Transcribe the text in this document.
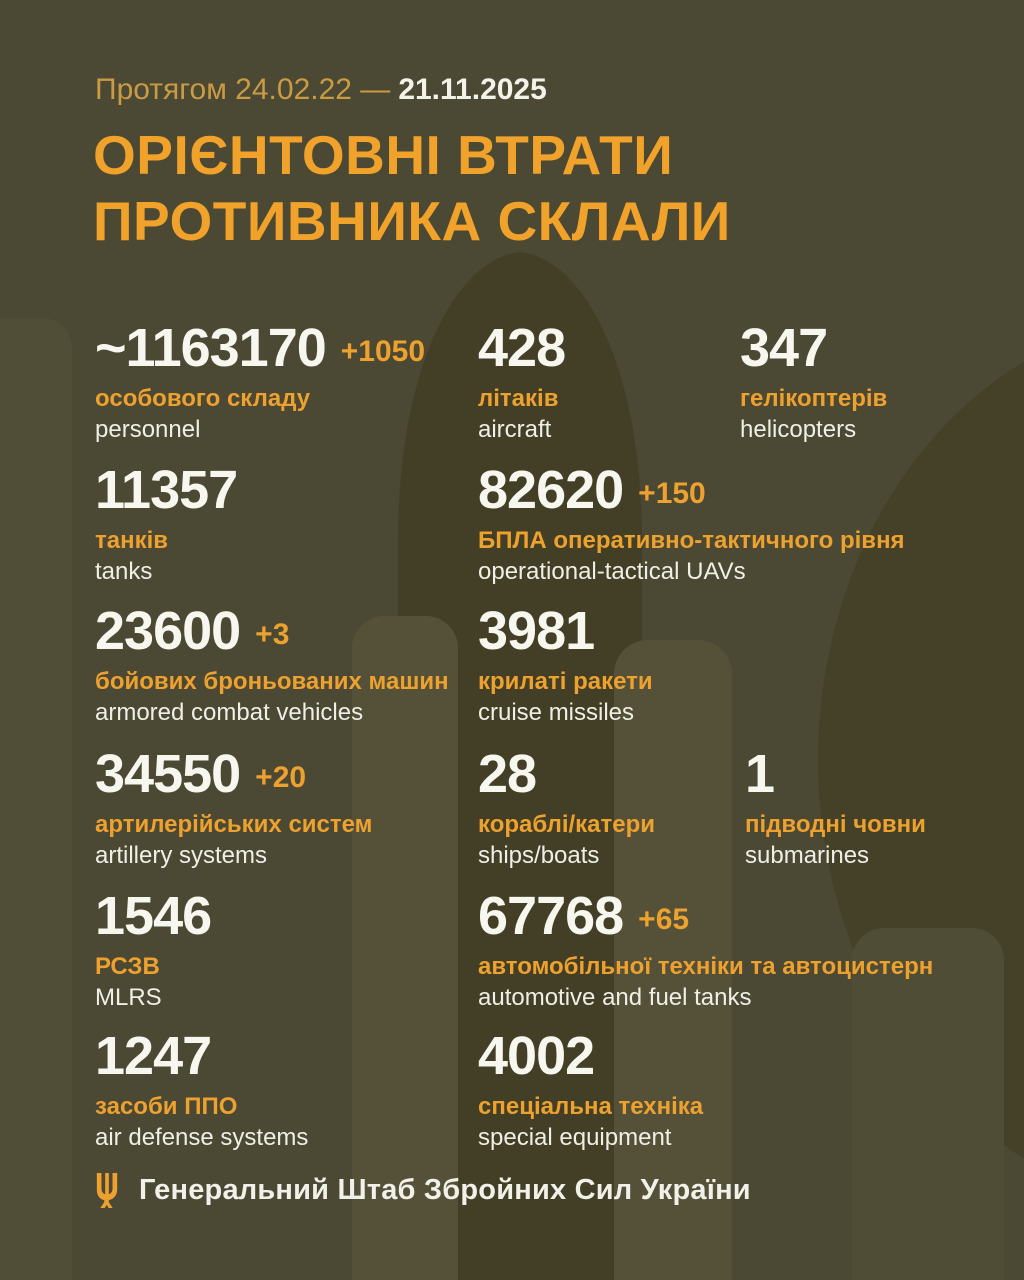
Протягом 24.02.22 — 21.11.2025
ОРІЄНТОВНІ ВТРАТИ
ПРОТИВНИКА СКЛАЛИ
~1163170 +1050
особового складу
personnel
428
літаків
aircraft
347
гелікоптерів
helicopters
11357
танків
tanks
82620 +150
БПЛА оперативно-тактичного рівня
operational-tactical UAVs
23600 +3
бойових броньованих машин
armored combat vehicles
3981
крилаті ракети
cruise missiles
34550 +20
артилерійських систем
artillery systems
28
кораблі/катери
ships/boats
1
підводні човни
submarines
1546
РСЗВ
MLRS
67768 +65
автомобільної техніки та автоцистерн
automotive and fuel tanks
1247
засоби ППО
air defense systems
4002
спеціальна техніка
special equipment
Генеральний Штаб Збройних Сил України
